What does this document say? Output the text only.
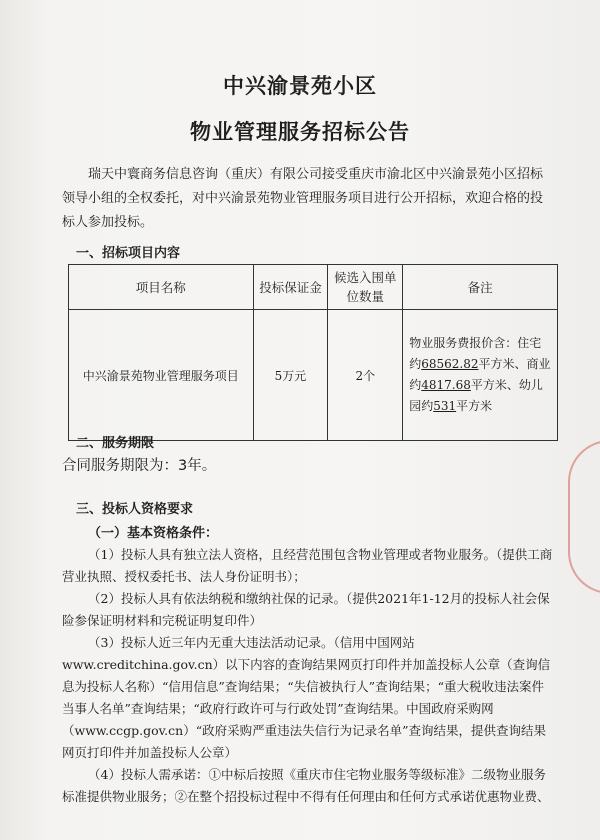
中兴渝景苑小区
物业管理服务招标公告

瑞天中寰商务信息咨询（重庆）有限公司接受重庆市渝北区中兴渝景苑小区招标领导小组的全权委托，对中兴渝景苑物业管理服务项目进行公开招标，欢迎合格的投标人参加投标。

一、招标项目内容
项目名称	投标保证金	候选入围单位数量	备注
中兴渝景苑物业管理服务项目	5万元	2个	物业服务费报价含：住宅约68562.82平方米、商业约4817.68平方米、幼儿园约531平方米
二、服务期限
合同服务期限为：3年。
三、投标人资格要求
（一）基本资格条件：

（1）投标人具有独立法人资格，且经营范围包含物业管理或者物业服务。（提供工商营业执照、授权委托书、法人身份证明书）；

（2）投标人具有依法纳税和缴纳社保的记录。（提供2021年1-12月的投标人社会保险参保证明材料和完税证明复印件）

（3）投标人近三年内无重大违法活动记录。（信用中国网站www.creditchina.gov.cn）以下内容的查询结果网页打印件并加盖投标人公章（查询信息为投标人名称）“信用信息”查询结果；“失信被执行人”查询结果；“重大税收违法案件当事人名单”查询结果；“政府行政许可与行政处罚”查询结果。中国政府采购网（www.ccgp.gov.cn）“政府采购严重违法失信行为记录名单”查询结果，提供查询结果网页打印件并加盖投标人公章）

（4）投标人需承诺：①中标后按照《重庆市住宅物业服务等级标准》二级物业服务标准提供物业服务；②在整个招投标过程中不得有任何理由和任何方式承诺优惠物业费、
